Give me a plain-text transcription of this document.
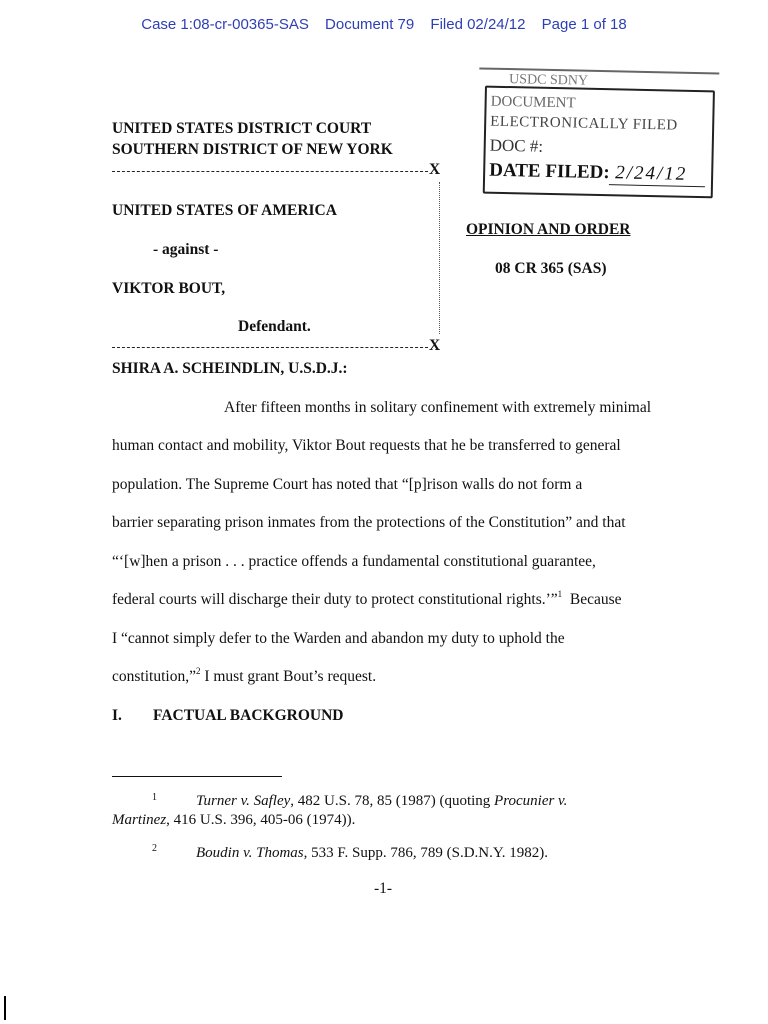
Case 1:08-cr-00365-SAS Document 79 Filed 02/24/12 Page 1 of 18
USDC SDNY
DOCUMENT
ELECTRONICALLY FILED
DOC #:
DATE FILED: 2/24/12
UNITED STATES DISTRICT COURT
SOUTHERN DISTRICT OF NEW YORK
X
UNITED STATES OF AMERICA
- against -
VIKTOR BOUT,
Defendant.
X
OPINION AND ORDER
08 CR 365 (SAS)
SHIRA A. SCHEINDLIN, U.S.D.J.:
After fifteen months in solitary confinement with extremely minimal
human contact and mobility, Viktor Bout requests that he be transferred to general
population. The Supreme Court has noted that “[p]rison walls do not form a
barrier separating prison inmates from the protections of the Constitution” and that
“‘[w]hen a prison . . . practice offends a fundamental constitutional guarantee,
federal courts will discharge their duty to protect constitutional rights.’”$^1$  Because
I “cannot simply defer to the Warden and abandon my duty to uphold the
constitution,”$^2$ I must grant Bout’s request.
I. FACTUAL BACKGROUND
1	Turner v. Safley, 482 U.S. 78, 85 (1987) (quoting Procunier v.
Martinez, 416 U.S. 396, 405-06 (1974)).
2	Boudin v. Thomas, 533 F. Supp. 786, 789 (S.D.N.Y. 1982).
-1-
